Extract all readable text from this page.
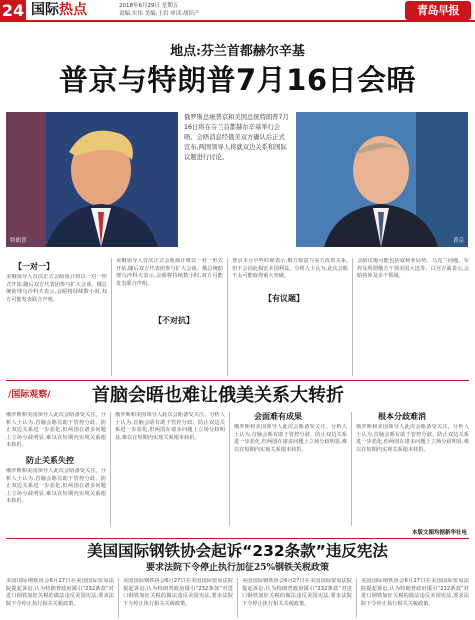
24 国际热点	2018年6月29日 星期五
责编:实伟 美编:王岩 审读:胡识产	青岛早报
地点:芬兰首都赫尔辛基
普京与特朗普7月16日会晤
特朗普
俄罗斯总统普京和美国总统特朗普7月16日将在芬兰首都赫尔辛基举行会晤。会晤消息经俄美双方确认后正式宣布,两国领导人将就双边关系和国际议题进行讨论。
普京
【一对一】
美俄领导人首次正式会晤预计将以一对一形式开始,随后双方代表团参与扩大会谈。俄总统助理乌沙科夫表示,会晤将持续数小时,双方可能发表联合声明。
美俄领导人首次正式会晤预计将以一对一形式开始,随后双方代表团参与扩大会谈。俄总统助理乌沙科夫表示,会晤将持续数小时,双方可能发表联合声明。
【不对抗】
普京本月早些时候表示,俄方愿意与美方改善关系,但不会因此损害本国利益。分析人士认为,此次会晤不太可能取得重大突破。
【有议题】
会晤议题可能包括叙利亚局势、乌克兰问题、军控及所谓俄方干预美国大选等。白宫方面表示,会晤将涉及多个领域。
/国际观察/ 首脑会晤也难让俄美关系大转折
俄罗斯和美国领导人此次会晤备受关注。分析人士认为,首脑会晤有助于管控分歧、防止双边关系进一步恶化,但两国在诸多问题上立场分歧明显,难以在短期内实现关系根本转折。
防止关系失控
俄罗斯和美国领导人此次会晤备受关注。分析人士认为,首脑会晤有助于管控分歧、防止双边关系进一步恶化,但两国在诸多问题上立场分歧明显,难以在短期内实现关系根本转折。
俄罗斯和美国领导人此次会晤备受关注。分析人士认为,首脑会晤有助于管控分歧、防止双边关系进一步恶化,但两国在诸多问题上立场分歧明显,难以在短期内实现关系根本转折。
会面难有成果
俄罗斯和美国领导人此次会晤备受关注。分析人士认为,首脑会晤有助于管控分歧、防止双边关系进一步恶化,但两国在诸多问题上立场分歧明显,难以在短期内实现关系根本转折。
根本分歧难消
俄罗斯和美国领导人此次会晤备受关注。分析人士认为,首脑会晤有助于管控分歧、防止双边关系进一步恶化,但两国在诸多问题上立场分歧明显,难以在短期内实现关系根本转折。
本版文图均据新华社电
美国国际钢铁协会起诉“232条款”违反宪法
要求法院下令停止执行加征25%钢铁关税政策
美国国际钢铁协会6月27日在美国国际贸易法院提起诉讼,认为特朗普政府援引“232条款”对进口钢铁加征关税的做法违反美国宪法,要求法院下令停止执行相关关税政策。
美国国际钢铁协会6月27日在美国国际贸易法院提起诉讼,认为特朗普政府援引“232条款”对进口钢铁加征关税的做法违反美国宪法,要求法院下令停止执行相关关税政策。
美国国际钢铁协会6月27日在美国国际贸易法院提起诉讼,认为特朗普政府援引“232条款”对进口钢铁加征关税的做法违反美国宪法,要求法院下令停止执行相关关税政策。
美国国际钢铁协会6月27日在美国国际贸易法院提起诉讼,认为特朗普政府援引“232条款”对进口钢铁加征关税的做法违反美国宪法,要求法院下令停止执行相关关税政策。
